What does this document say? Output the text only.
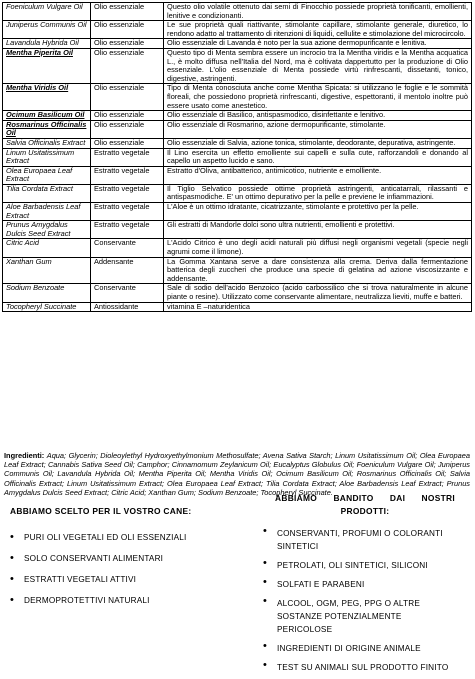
Foeniculum Vulgare Oil	Olio essenziale	Questo olio volatile ottenuto dai semi di Finocchio possiede proprietà tonificanti, emollienti, lenitive e condizionanti.
Juniperus Communis Oil	Olio essenziale	Le sue proprietà quali riattivante, stimolante capillare, stimolante generale, diuretico, lo rendono adatto al trattamento di ritenzioni di liquidi, cellulite e stimolazione del microcircolo.
Lavandula Hybrida Oil	Olio essenziale	Olio essenziale di Lavanda è noto per la sua azione dermopurificante e lenitiva.
Mentha Piperita Oil	Olio essenziale	Questo tipo di Menta sembra essere un incrocio tra la Mentha viridis e la Mentha acquatica L., è molto diffusa nell'Italia del Nord, ma è coltivata dappertutto per la produzione di Olio essenziale. L'olio essenziale di Menta possiede virtù rinfrescanti, dissetanti, tonico, digestive, astringenti.
Mentha Viridis Oil	Olio essenziale	Tipo di Menta conosciuta anche come Mentha Spicata: si utilizzano le foglie e le sommità floreali, che possiedono proprietà rinfrescanti, digestive, espettoranti, il mentolo inoltre può essere usato come anestetico.
Ocimum Basilicum Oil	Olio essenziale	Olio essenziale di Basilico, antispasmodico, disinfettante e lenitivo.
Rosmarinus Officinalis Oil	Olio essenziale	Olio essenziale di Rosmarino, azione dermopurificante, stimolante.
Salvia Officinalis Extract	Olio essenziale	Olio essenziale di Salvia, azione tonica, stimolante, deodorante, depurativa, astringente.
Linum Usitatissimum Extract	Estratto vegetale	Il Lino esercita un effetto emolliente sui capelli e sulla cute, rafforzandoli e donando al capello un aspetto lucido e sano.
Olea Europaea Leaf Extract	Estratto vegetale	Estratto d'Oliva, antibatterico, antimicotico, nutriente e emolliente.
Tilia Cordata Extract	Estratto vegetale	Il Tiglio Selvatico possiede ottime proprietà astringenti, anticatarrali, rilassanti e antispasmodiche. E' un ottimo depurativo per la pelle e previene le infiammazioni.
Aloe Barbadensis Leaf Extract	Estratto vegetale	L'Aloe è un ottimo idratante, cicatrizzante, stimolante e protettivo per la pelle.
Prunus Amygdalus Dulcis Seed Extract	Estratto vegetale	Gli estratti di Mandorle dolci sono ultra nutrienti, emollienti e protettivi.
Citric Acid	Conservante	L'Acido Citrico è uno degli acidi naturali più diffusi negli organismi vegetali (specie negli agrumi come il limone).
Xanthan Gum	Addensante	La Gomma Xantana serve a dare consistenza alla crema. Deriva dalla fermentazione batterica degli zuccheri che produce una specie di gelatina ad azione viscosizzante e addensante.
Sodium Benzoate	Conservante	Sale di sodio dell'acido Benzoico (acido carbossilico che si trova naturalmente in alcune piante o resine). Utilizzato come conservante alimentare, neutralizza lieviti, muffe e batteri.
Tocopheryl Succinate	Antiossidante	vitamina E –naturidentica
Ingredienti: Aqua; Glycerin; Dioleoylethyl Hydroxyethylmonium Methosulfate; Avena Sativa Starch; Linum Usitatissimum Oil; Olea Europaea Leaf Extract; Cannabis Sativa Seed Oil; Camphor; Cinnamomum Zeylanicum Oil; Eucalyptus Globulus Oil; Foeniculum Vulgare Oil; Juniperus Communis Oil; Lavandula Hybrida Oil; Mentha Piperita Oil; Mentha Viridis Oil; Ocimum Basilicum Oil; Rosmarinus Officinalis Oil; Salvia Officinalis Extract; Linum Usitatissimum Extract; Olea Europaea Leaf Extract; Tilia Cordata Extract; Aloe Barbadensis Leaf Extract; Prunus Amygdalus Dulcis Seed Extract; Citric Acid; Xanthan Gum; Sodium Benzoate; Tocopheryl Succinate.
ABBIAMO BANDITO DAI NOSTRI
PRODOTTI:
• CONSERVANTI, PROFUMI O COLORANTI SINTETICI
• PETROLATI, OLI SINTETICI, SILICONI
• SOLFATI E PARABENI
• ALCOOL, OGM, PEG, PPG O ALTRE SOSTANZE POTENZIALMENTE PERICOLOSE
• INGREDIENTI DI ORIGINE ANIMALE
• TEST SU ANIMALI SUL PRODOTTO FINITO
ABBIAMO SCELTO PER IL VOSTRO CANE:
• PURI OLI VEGETALI ED OLI ESSENZIALI
• SOLO CONSERVANTI ALIMENTARI
• ESTRATTI VEGETALI ATTIVI
• DERMOPROTETTIVI NATURALI
